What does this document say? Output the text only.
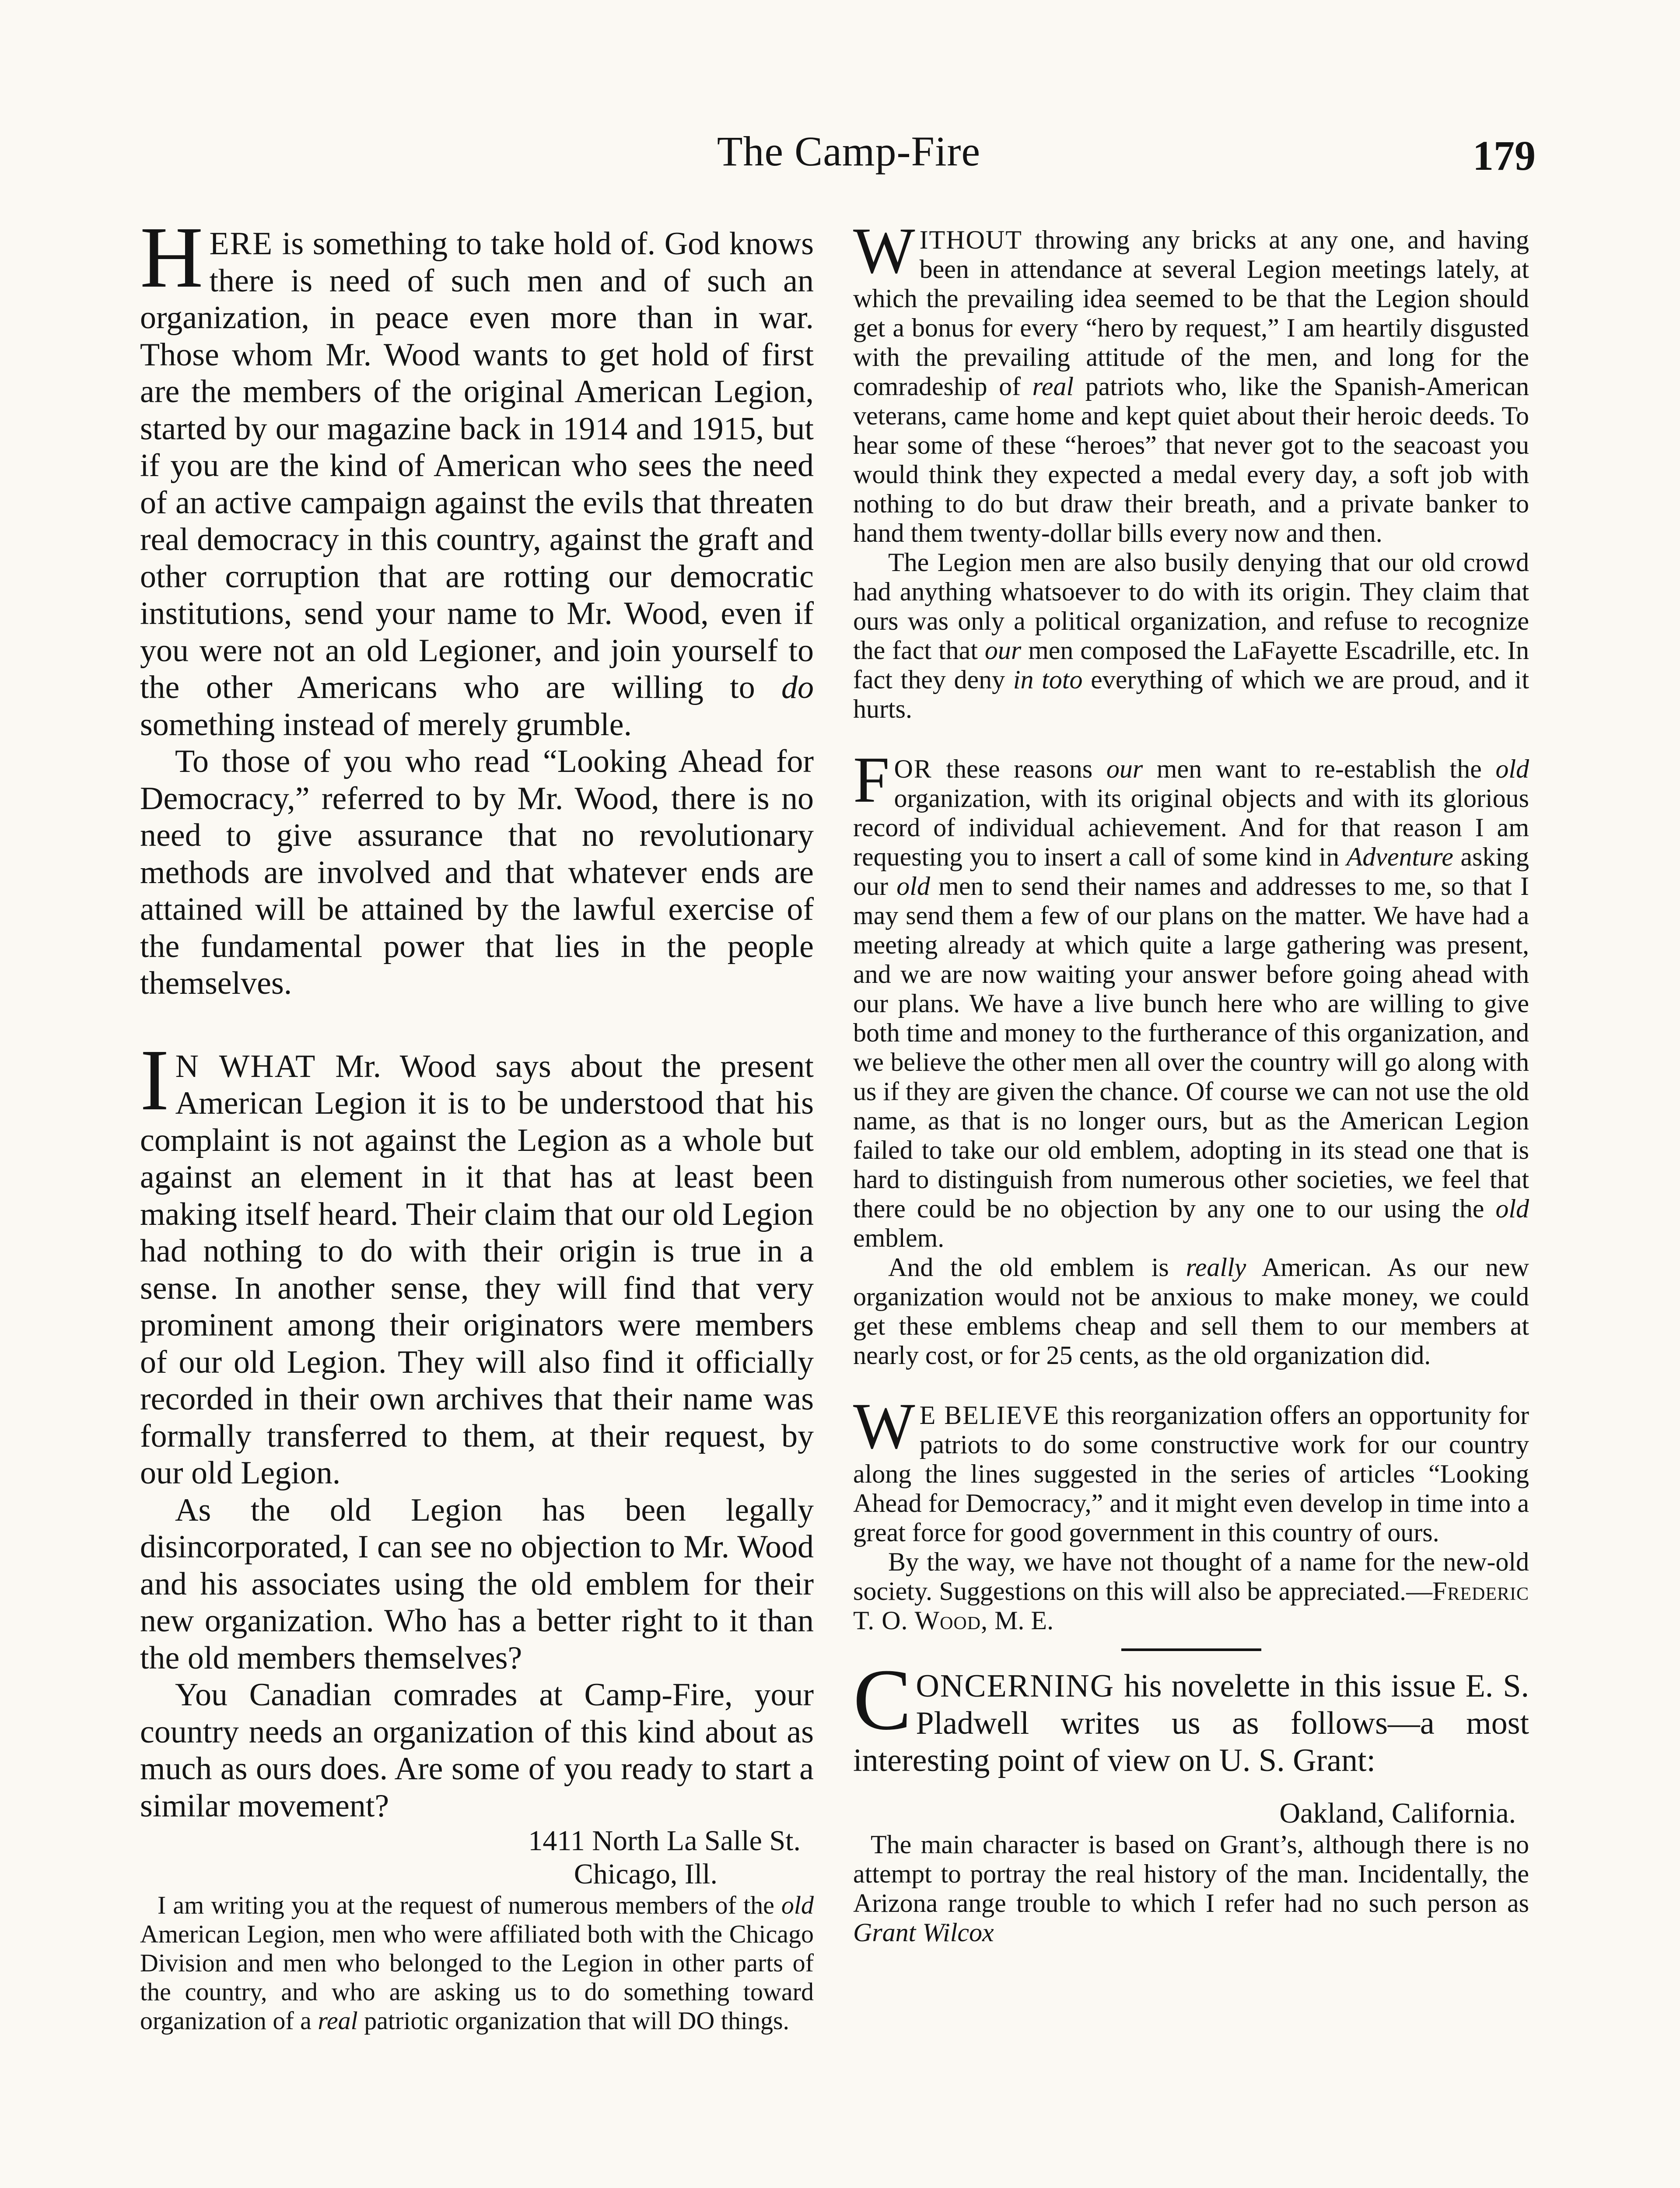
The Camp-Fire	179

HERE is something to take hold of. God knows there is need of such men and of such an organization, in peace even more than in war. Those whom Mr. Wood wants to get hold of first are the members of the original American Legion, started by our magazine back in 1914 and 1915, but if you are the kind of American who sees the need of an active campaign against the evils that threaten real democracy in this country, against the graft and other corruption that are rotting our democratic institutions, send your name to Mr. Wood, even if you were not an old Legioner, and join yourself to the other Americans who are willing to do something instead of merely grumble.

To those of you who read “Looking Ahead for Democracy,” referred to by Mr. Wood, there is no need to give assurance that no revolutionary methods are involved and that whatever ends are attained will be attained by the lawful exercise of the fundamental power that lies in the people themselves.

I N WHAT Mr. Wood says about the present American Legion it is to be understood that his complaint is not against the Legion as a whole but against an element in it that has at least been making itself heard. Their claim that our old Legion had nothing to do with their origin is true in a sense. In another sense, they will find that very prominent among their originators were members of our old Legion. They will also find it officially recorded in their own archives that their name was formally transferred to them, at their request, by our old Legion.

As the old Legion has been legally disincorporated, I can see no objection to Mr. Wood and his associates using the old emblem for their new organization. Who has a better right to it than the old members themselves?

You Canadian comrades at Camp-Fire, your country needs an organization of this kind about as much as ours does. Are some of you ready to start a similar movement?

1411 North La Salle St.

Chicago, Ill.

I am writing you at the request of numerous members of the old American Legion, men who were affiliated both with the Chicago Division and men who belonged to the Legion in other parts of the country, and who are asking us to do something toward organization of a real patriotic organization that will DO things.

WITHOUT throwing any bricks at any one, and having been in attendance at several Legion meetings lately, at which the prevailing idea seemed to be that the Legion should get a bonus for every “hero by request,” I am heartily disgusted with the prevailing attitude of the men, and long for the comradeship of real patriots who, like the Spanish-American veterans, came home and kept quiet about their heroic deeds. To hear some of these “heroes” that never got to the seacoast you would think they expected a medal every day, a soft job with nothing to do but draw their breath, and a private banker to hand them twenty-dollar bills every now and then.

The Legion men are also busily denying that our old crowd had anything whatsoever to do with its origin. They claim that ours was only a political organization, and refuse to recognize the fact that our men composed the LaFayette Escadrille, etc. In fact they deny in toto everything of which we are proud, and it hurts.

FOR these reasons our men want to re-establish the old organization, with its original objects and with its glorious record of individual achievement. And for that reason I am requesting you to insert a call of some kind in Adventure asking our old men to send their names and addresses to me, so that I may send them a few of our plans on the matter. We have had a meeting already at which quite a large gathering was present, and we are now waiting your answer before going ahead with our plans. We have a live bunch here who are willing to give both time and money to the furtherance of this organization, and we believe the other men all over the country will go along with us if they are given the chance. Of course we can not use the old name, as that is no longer ours, but as the American Legion failed to take our old emblem, adopting in its stead one that is hard to distinguish from numerous other societies, we feel that there could be no objection by any one to our using the old emblem.

And the old emblem is really American. As our new organization would not be anxious to make money, we could get these emblems cheap and sell them to our members at nearly cost, or for 25 cents, as the old organization did.

W E BELIEVE this reorganization offers an opportunity for patriots to do some constructive work for our country along the lines suggested in the series of articles “Looking Ahead for Democracy,” and it might even develop in time into a great force for good government in this country of ours.

By the way, we have not thought of a name for the new-old society. Suggestions on this will also be appreciated.—Frederic T. O. Wood, M. E.

CONCERNING his novelette in this issue E. S. Pladwell writes us as follows—a most interesting point of view on U. S. Grant:

Oakland, California.

The main character is based on Grant’s, although there is no attempt to portray the real history of the man. Incidentally, the Arizona range trouble to which I refer had no such person as Grant Wilcox
